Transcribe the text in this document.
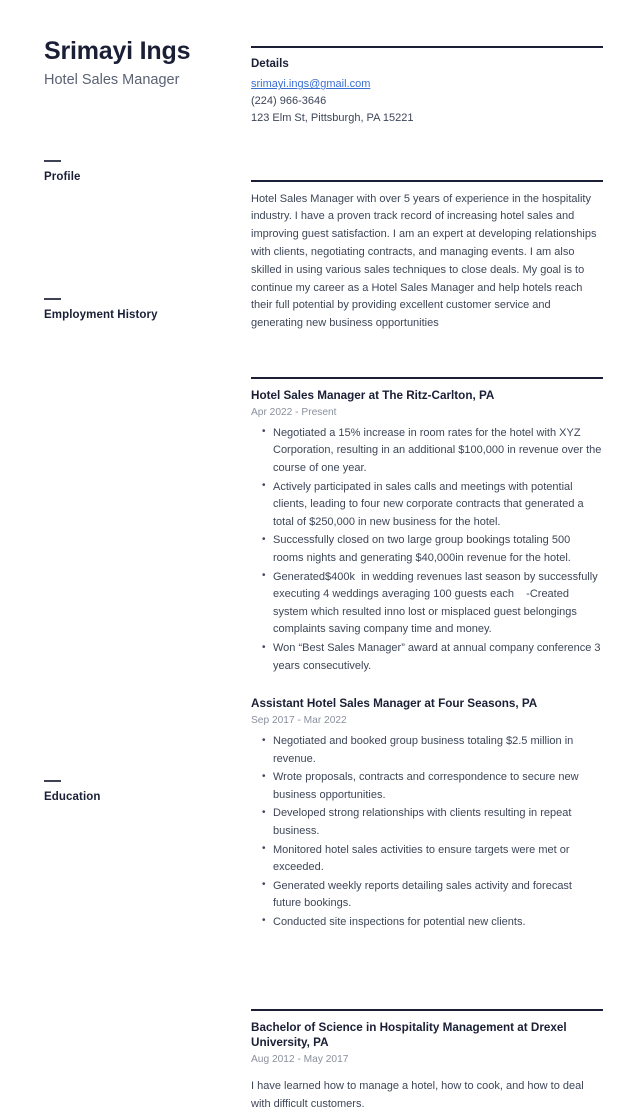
Srimayi Ings
Hotel Sales Manager
Profile
Employment History
Education
Details
srimayi.ings@gmail.com
(224) 966-3646
123 Elm St, Pittsburgh, PA 15221

Hotel Sales Manager with over 5 years of experience in the hospitality industry. I have a proven track record of increasing hotel sales and improving guest satisfaction. I am an expert at developing relationships with clients, negotiating contracts, and managing events. I am also skilled in using various sales techniques to close deals. My goal is to continue my career as a Hotel Sales Manager and help hotels reach their full potential by providing excellent customer service and generating new business opportunities

Hotel Sales Manager at The Ritz-Carlton, PA
Apr 2022 - Present
• Negotiated a 15% increase in room rates for the hotel with XYZ Corporation, resulting in an additional $100,000 in revenue over the course of one year.
• Actively participated in sales calls and meetings with potential clients, leading to four new corporate contracts that generated a total of $250,000 in new business for the hotel.
• Successfully closed on two large group bookings totaling 500 rooms nights and generating $40,000in revenue for the hotel.
• Generated$400k  in wedding revenues last season by successfully executing 4 weddings averaging 100 guests each    -Created system which resulted inno lost or misplaced guest belongings complaints saving company time and money.
• Won “Best Sales Manager” award at annual company conference 3 years consecutively.
Assistant Hotel Sales Manager at Four Seasons, PA
Sep 2017 - Mar 2022
• Negotiated and booked group business totaling $2.5 million in revenue.
• Wrote proposals, contracts and correspondence to secure new business opportunities.
• Developed strong relationships with clients resulting in repeat business.
• Monitored hotel sales activities to ensure targets were met or exceeded.
• Generated weekly reports detailing sales activity and forecast future bookings.
• Conducted site inspections for potential new clients.
Bachelor of Science in Hospitality Management at Drexel University, PA
Aug 2012 - May 2017

I have learned how to manage a hotel, how to cook, and how to deal with difficult customers.
